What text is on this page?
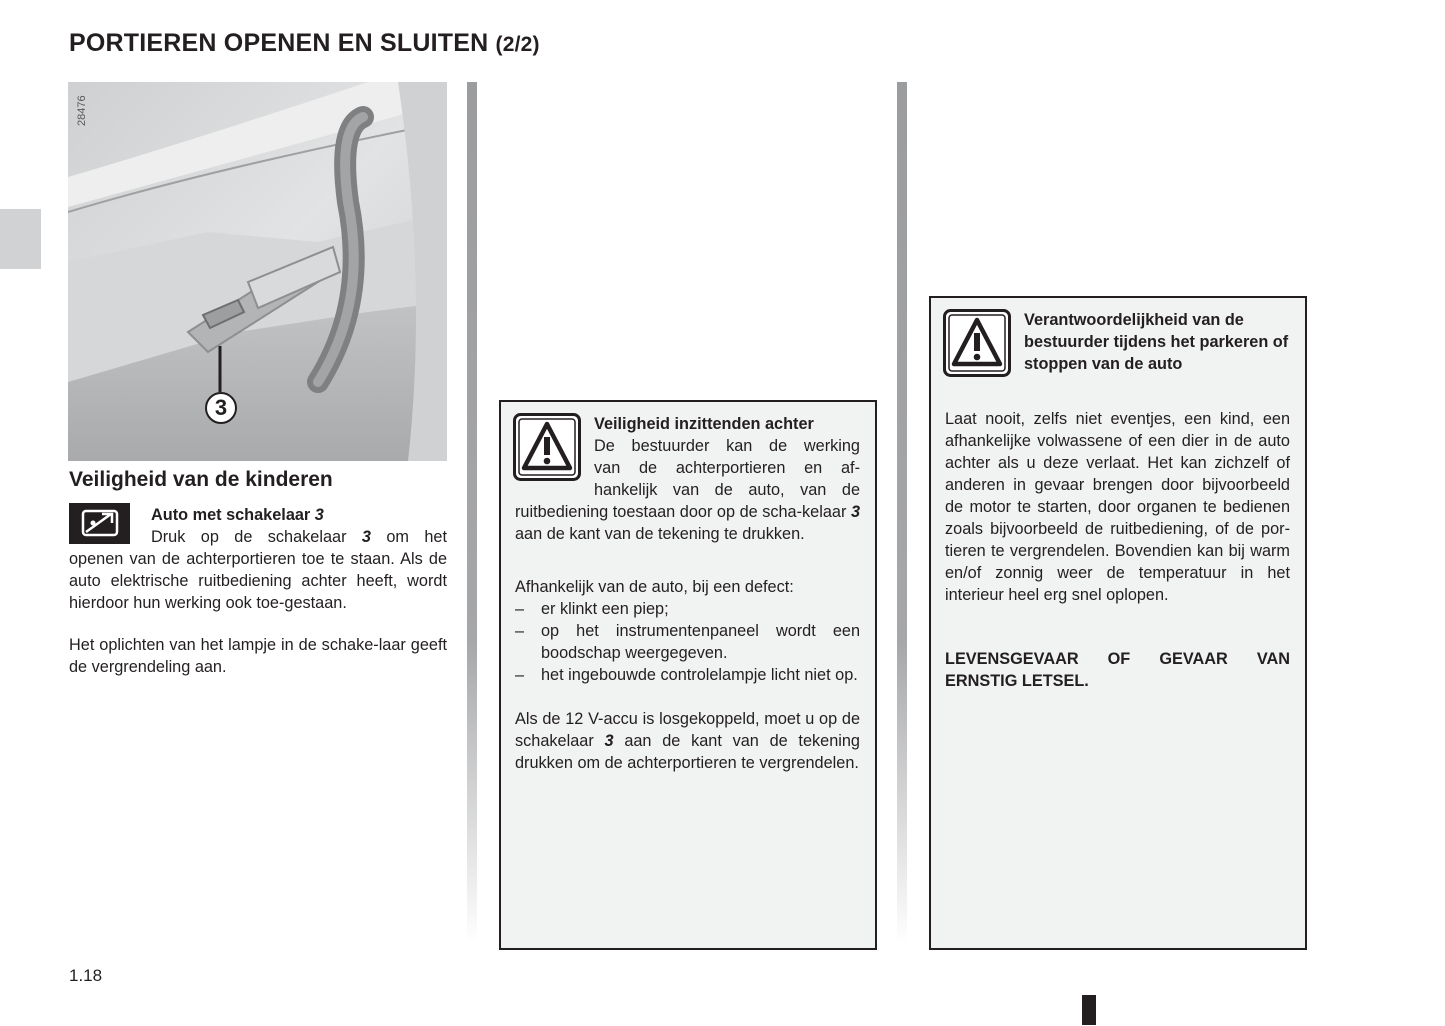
PORTIEREN OPENEN EN SLUITEN (2/2)
28476
3
Veiligheid van de kinderen
Auto met schakelaar 3
Druk op de schakelaar 3 om het

openen van de achterportieren toe te staan. Als de auto elektrische ruitbediening achter heeft, wordt hierdoor hun werking ook toe-gestaan.

Het oplichten van het lampje in de schake-laar geeft de vergrendeling aan.

Veiligheid inzittenden achter
De bestuurder kan de werking
van de achterportieren en af-
hankelijk van de auto, van de

ruitbediening toestaan door op de scha-kelaar 3 aan de kant van de tekening te drukken.

Afhankelijk van de auto, bij een defect:

– er klinkt een piep;
– op het instrumentenpaneel wordt een boodschap weergegeven.
– het ingebouwde controlelampje licht niet op.

Als de 12 V-accu is losgekoppeld, moet u op de schakelaar 3 aan de kant van de tekening drukken om de achterportieren te vergrendelen.

Verantwoordelijkheid van de bestuurder tijdens het parkeren of stoppen van de auto

Laat nooit, zelfs niet eventjes, een kind, een afhankelijke volwassene of een dier in de auto achter als u deze verlaat. Het kan zichzelf of anderen in gevaar brengen door bijvoorbeeld de motor te starten, door organen te bedienen zoals bijvoorbeeld de ruitbediening, of de por-tieren te vergrendelen. Bovendien kan bij warm en/of zonnig weer de temperatuur in het interieur heel erg snel oplopen.

LEVENSGEVAAR OF GEVAAR VAN ERNSTIG LETSEL.

1.18
